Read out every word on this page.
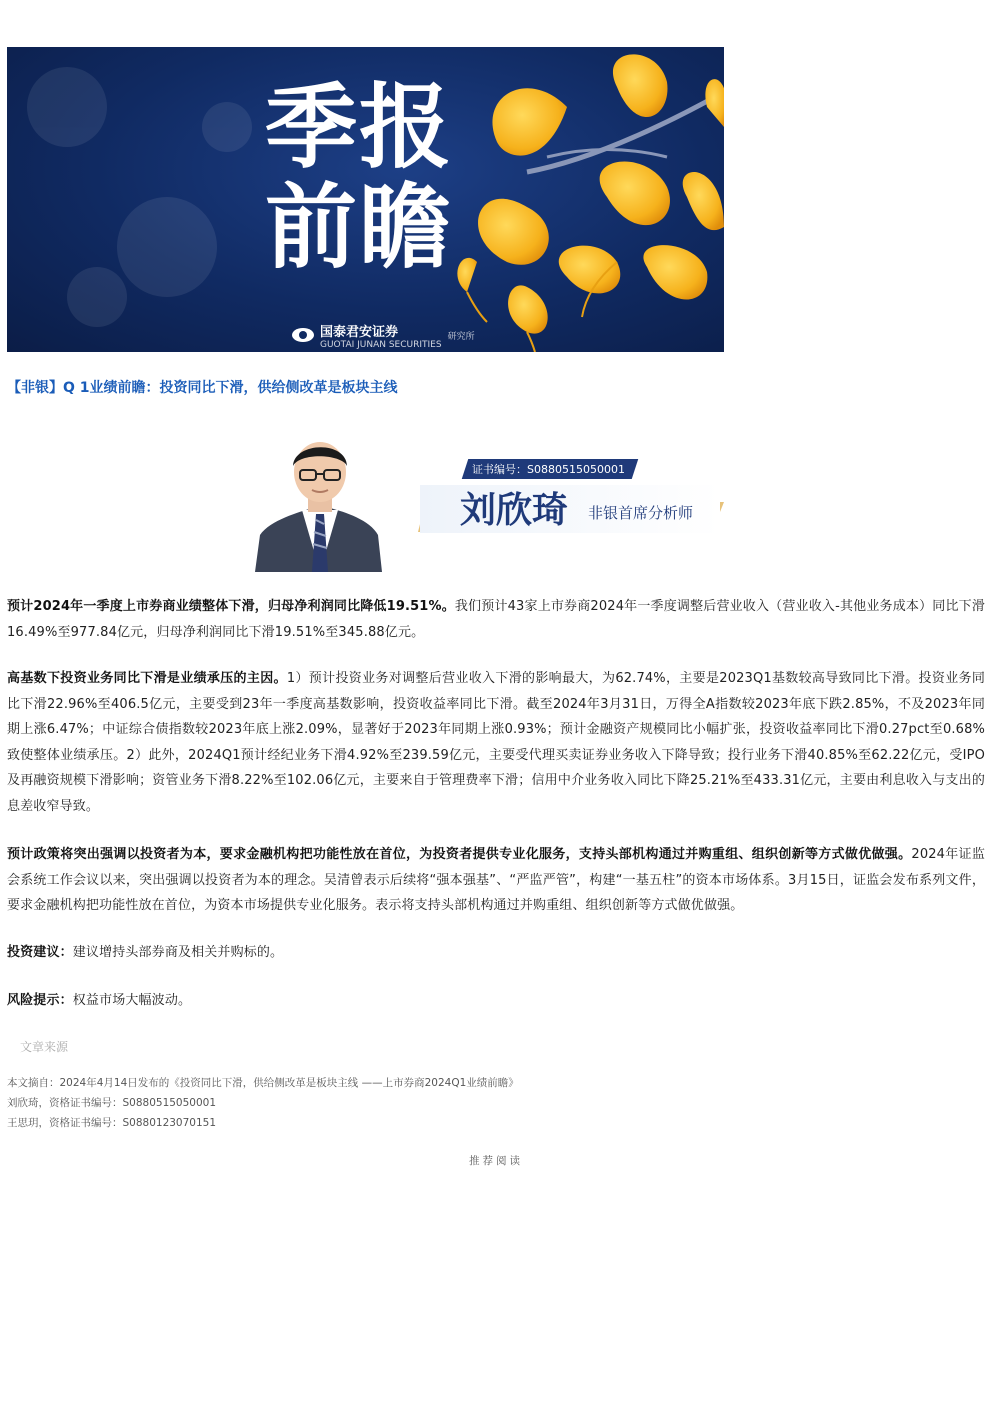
季报
前瞻
国泰君安证券
GUOTAI JUNAN SECURITIES
研究所
【非银】Q 1业绩前瞻：投资同比下滑，供给侧改革是板块主线
证书编号：S0880515050001
刘欣琦 非银首席分析师

预计2024年一季度上市券商业绩整体下滑，归母净利润同比降低19.51%。我们预计43家上市券商2024年一季度调整后营业收入（营业收入-其他业务成本）同比下滑16.49%至977.84亿元，归母净利润同比下滑19.51%至345.88亿元。

高基数下投资业务同比下滑是业绩承压的主因。1）预计投资业务对调整后营业收入下滑的影响最大，为62.74%，主要是2023Q1基数较高导致同比下滑。投资业务同比下滑22.96%至406.5亿元，主要受到23年一季度高基数影响，投资收益率同比下滑。截至2024年3月31日，万得全A指数较2023年底下跌2.85%，不及2023年同期上涨6.47%；中证综合债指数较2023年底上涨2.09%，显著好于2023年同期上涨0.93%；预计金融资产规模同比小幅扩张，投资收益率同比下滑0.27pct至0.68%致使整体业绩承压。2）此外，2024Q1预计经纪业务下滑4.92%至239.59亿元，主要受代理买卖证券业务收入下降导致；投行业务下滑40.85%至62.22亿元，受IPO及再融资规模下滑影响；资管业务下滑8.22%至102.06亿元，主要来自于管理费率下滑；信用中介业务收入同比下降25.21%至433.31亿元，主要由利息收入与支出的息差收窄导致。

预计政策将突出强调以投资者为本，要求金融机构把功能性放在首位，为投资者提供专业化服务，支持头部机构通过并购重组、组织创新等方式做优做强。2024年证监会系统工作会议以来，突出强调以投资者为本的理念。吴清曾表示后续将“强本强基”、“严监严管”，构建“一基五柱”的资本市场体系。3月15日，证监会发布系列文件，要求金融机构把功能性放在首位，为资本市场提供专业化服务。表示将支持头部机构通过并购重组、组织创新等方式做优做强。

投资建议：建议增持头部券商及相关并购标的。

风险提示：权益市场大幅波动。

文章来源
本文摘自：2024年4月14日发布的《投资同比下滑，供给侧改革是板块主线 ——上市券商2024Q1业绩前瞻》
刘欣琦，资格证书编号：S0880515050001
王思玥，资格证书编号：S0880123070151
推荐阅读
